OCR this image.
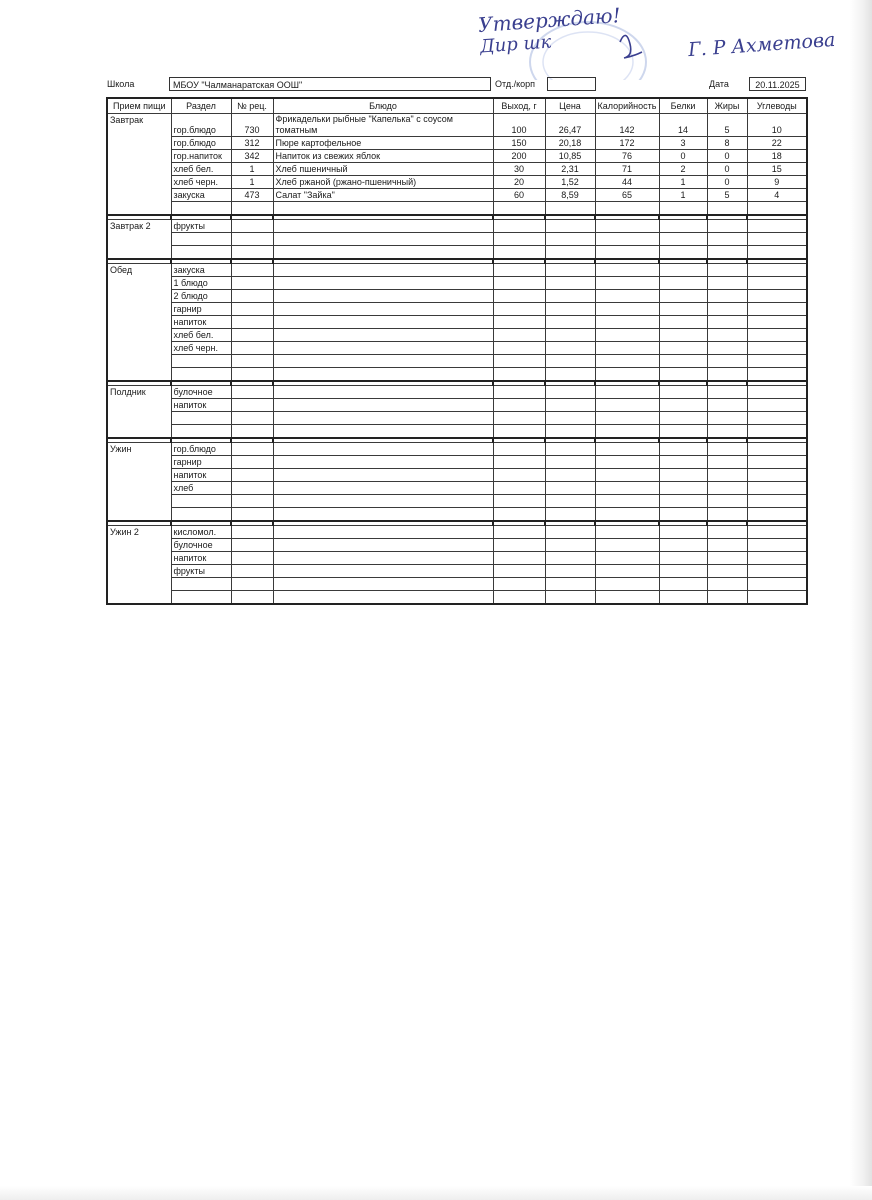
Утверждаю!
Дир шк	Г. Р Ахметова
Школа	МБОУ "Чалманаратская ООШ"	Отд./корп	Дата	20.11.2025
Прием пищи	Раздел	№ рец.	Блюдо	Выход, г	Цена	Калорийность	Белки	Жиры	Углеводы
Завтрак	гор.блюдо	730	Фрикадельки рыбные "Капелька" с соусом томатным	100	26,47	142	14	5	10
	гор.блюдо	312	Пюре картофельное	150	20,18	172	3	8	22
	гор.напиток	342	Напиток из свежих яблок	200	10,85	76	0	0	18
	хлеб бел.	1	Хлеб пшеничный	30	2,31	71	2	0	15
	хлеб черн.	1	Хлеб ржаной (ржано-пшеничный)	20	1,52	44	1	0	9
	закуска	473	Салат "Зайка"	60	8,59	65	1	5	4

Завтрак 2	фрукты								

Обед	закуска								
	1 блюдо								
	2 блюдо								
	гарнир								
	напиток								
	хлеб бел.								
	хлеб черн.								

Полдник	булочное								
	напиток								

Ужин	гор.блюдо								
	гарнир								
	напиток								
	хлеб								

Ужин 2	кисломол.								
	булочное								
	напиток								
	фрукты								
